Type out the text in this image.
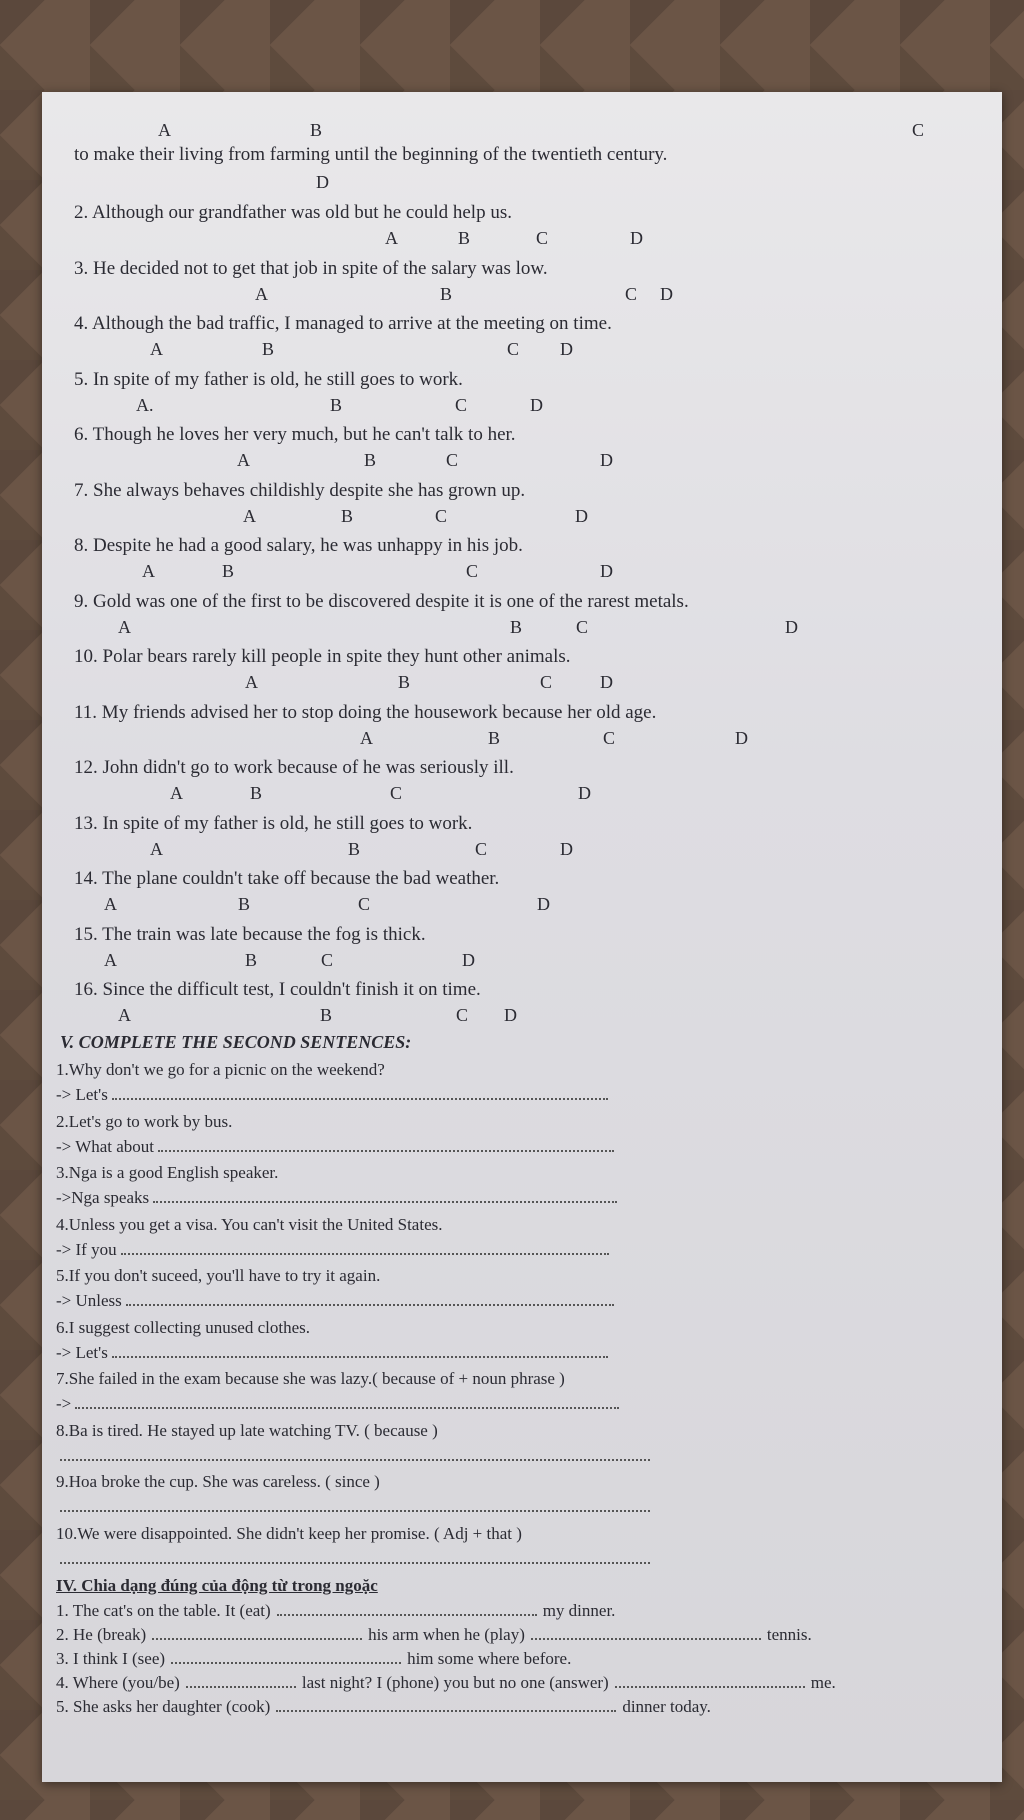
A	B	C
to make their living from farming until the beginning of the twentieth century.
D
2. Although our grandfather was old but he could help us.
A	B	C	D
3. He decided not to get that job in spite of the salary was low.
A	B	C D
4. Although the bad traffic, I managed to arrive at the meeting on time.
A	B	C D
5. In spite of my father is old, he still goes to work.
A.	B	C	D
6. Though he loves her very much, but he can't talk to her.
A	B	C	D
7. She always behaves childishly despite she has grown up.
A	B	C	D
8. Despite he had a good salary, he was unhappy in his job.
A	B	C	D
9. Gold was one of the first to be discovered despite it is one of the rarest metals.
A	B	C	D
10. Polar bears rarely kill people in spite they hunt other animals.
A	B	C	D
11. My friends advised her to stop doing the housework because her old age.
A	B	C	D
12. John didn't go to work because of he was seriously ill.
A	B	C	D
13. In spite of my father is old, he still goes to work.
A	B	C	D
14. The plane couldn't take off because the bad weather.
A	B	C	D
15. The train was late because the fog is thick.
A	B	C	D
16. Since the difficult test, I couldn't finish it on time.
A	B	C D
V. COMPLETE THE SECOND SENTENCES:
1.Why don't we go for a picnic on the weekend?
-> Let's
2.Let's go to work by bus.
-> What about
3.Nga is a good English speaker.
->Nga speaks
4.Unless you get a visa. You can't visit the United States.
-> If you
5.If you don't suceed, you'll have to try it again.
-> Unless
6.I suggest collecting unused clothes.
-> Let's
7.She failed in the exam because she was lazy.( because of + noun phrase )
->
8.Ba is tired. He stayed up late watching TV. ( because )
9.Hoa broke the cup. She was careless. ( since )
10.We were disappointed. She didn't keep her promise. ( Adj + that )
IV. Chia dạng đúng của động từ trong ngoặc
1. The cat's on the table. It (eat)	my dinner.
2. He (break)	his arm when he (play)	tennis.
3. I think I (see)	him some where before.
4. Where (you/be)	last night? I (phone) you but no one (answer)	me.
5. She asks her daughter (cook)	dinner today.
